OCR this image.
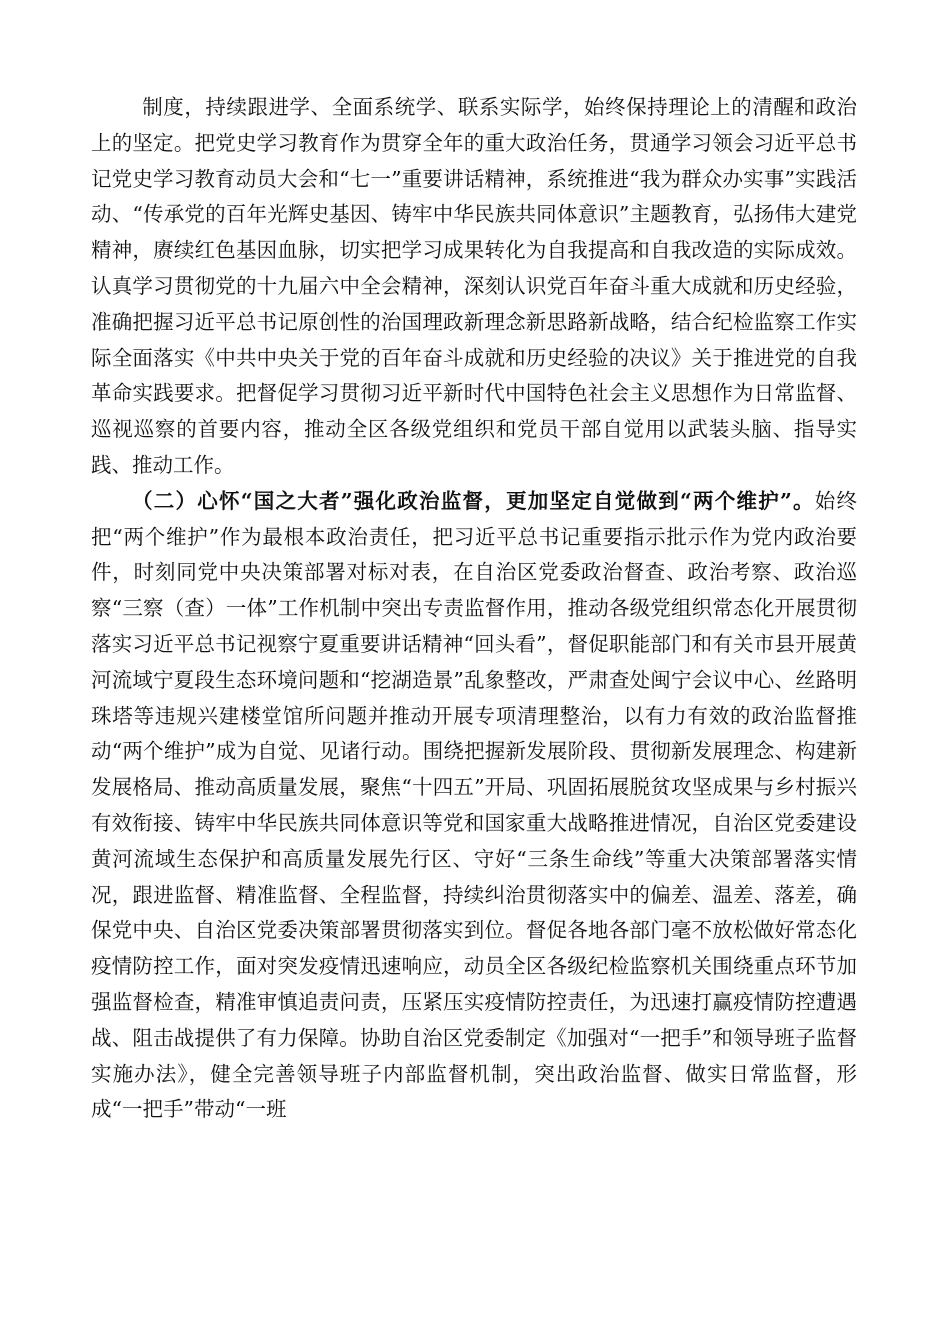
制度，持续跟进学、全面系统学、联系实际学，始终保持理论上的清醒和政治上的坚定。把党史学习教育作为贯穿全年的重大政治任务，贯通学习领会习近平总书记党史学习教育动员大会和“七一”重要讲话精神，系统推进“我为群众办实事”实践活动、“传承党的百年光辉史基因、铸牢中华民族共同体意识”主题教育，弘扬伟大建党精神，赓续红色基因血脉，切实把学习成果转化为自我提高和自我改造的实际成效。认真学习贯彻党的十九届六中全会精神，深刻认识党百年奋斗重大成就和历史经验，准确把握习近平总书记原创性的治国理政新理念新思路新战略，结合纪检监察工作实际全面落实《中共中央关于党的百年奋斗成就和历史经验的决议》关于推进党的自我革命实践要求。把督促学习贯彻习近平新时代中国特色社会主义思想作为日常监督、巡视巡察的首要内容，推动全区各级党组织和党员干部自觉用以武装头脑、指导实践、推动工作。

（二）心怀“国之大者”强化政治监督，更加坚定自觉做到“两个维护”。始终把“两个维护”作为最根本政治责任，把习近平总书记重要指示批示作为党内政治要件，时刻同党中央决策部署对标对表，在自治区党委政治督查、政治考察、政治巡察“三察（查）一体”工作机制中突出专责监督作用，推动各级党组织常态化开展贯彻落实习近平总书记视察宁夏重要讲话精神“回头看”，督促职能部门和有关市县开展黄河流域宁夏段生态环境问题和“挖湖造景”乱象整改，严肃查处闽宁会议中心、丝路明珠塔等违规兴建楼堂馆所问题并推动开展专项清理整治，以有力有效的政治监督推动“两个维护”成为自觉、见诸行动。围绕把握新发展阶段、贯彻新发展理念、构建新发展格局、推动高质量发展，聚焦“十四五”开局、巩固拓展脱贫攻坚成果与乡村振兴有效衔接、铸牢中华民族共同体意识等党和国家重大战略推进情况，自治区党委建设黄河流域生态保护和高质量发展先行区、守好“三条生命线”等重大决策部署落实情况，跟进监督、精准监督、全程监督，持续纠治贯彻落实中的偏差、温差、落差，确保党中央、自治区党委决策部署贯彻落实到位。督促各地各部门毫不放松做好常态化疫情防控工作，面对突发疫情迅速响应，动员全区各级纪检监察机关围绕重点环节加强监督检查，精准审慎追责问责，压紧压实疫情防控责任，为迅速打赢疫情防控遭遇战、阻击战提供了有力保障。协助自治区党委制定《加强对“一把手”和领导班子监督实施办法》，健全完善领导班子内部监督机制，突出政治监督、做实日常监督，形成“一把手”带动“一班
